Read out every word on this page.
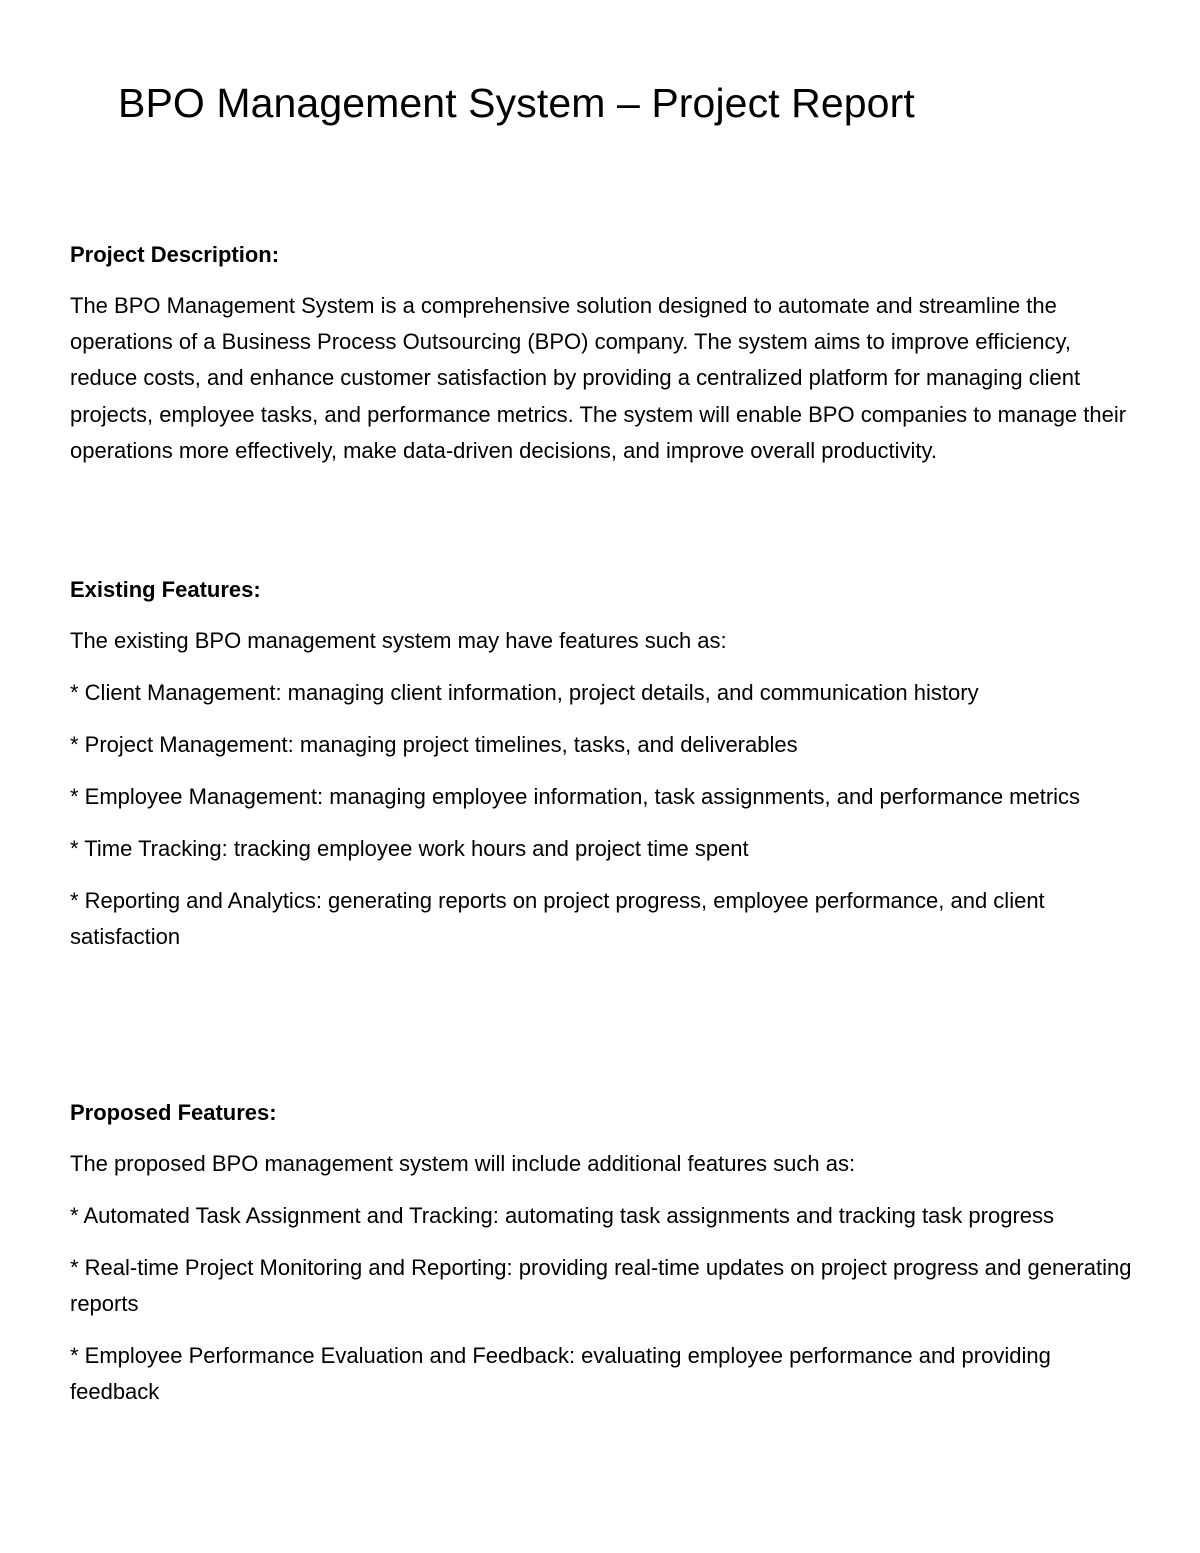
BPO Management System – Project Report
Project Description:

The BPO Management System is a comprehensive solution designed to automate and streamline the operations of a Business Process Outsourcing (BPO) company. The system aims to improve efficiency, reduce costs, and enhance customer satisfaction by providing a centralized platform for managing client projects, employee tasks, and performance metrics. The system will enable BPO companies to manage their operations more effectively, make data-driven decisions, and improve overall productivity.

Existing Features:

The existing BPO management system may have features such as:

* Client Management: managing client information, project details, and communication history
* Project Management: managing project timelines, tasks, and deliverables
* Employee Management: managing employee information, task assignments, and performance metrics
* Time Tracking: tracking employee work hours and project time spent
* Reporting and Analytics: generating reports on project progress, employee performance, and client satisfaction
Proposed Features:

The proposed BPO management system will include additional features such as:

* Automated Task Assignment and Tracking: automating task assignments and tracking task progress
* Real-time Project Monitoring and Reporting: providing real-time updates on project progress and generating reports
* Employee Performance Evaluation and Feedback: evaluating employee performance and providing feedback
